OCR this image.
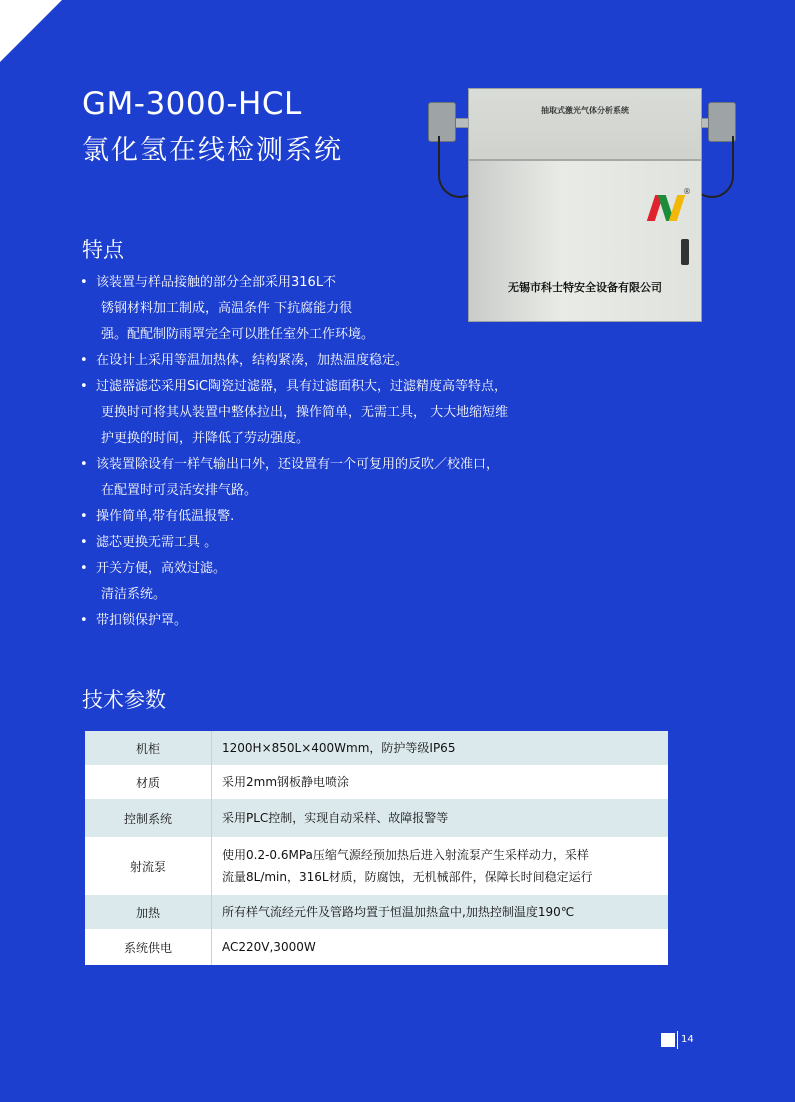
GM-3000-HCL
氯化氢在线检测系统
抽取式激光气体分析系统
®
无锡市科士特安全设备有限公司
特点
• 该装置与样品接触的部分全部采用316L不
锈钢材料加工制成，高温条件 下抗腐能力很
强。配配制防雨罩完全可以胜任室外工作环境。
• 在设计上采用等温加热体，结构紧凑，加热温度稳定。
• 过滤器滤芯采用SiC陶瓷过滤器，具有过滤面积大，过滤精度高等特点，
更换时可将其从装置中整体拉出，操作简单，无需工具， 大大地缩短维
护更换的时间，并降低了劳动强度。
• 该装置除设有一样气输出口外，还设置有一个可复用的反吹／校准口，
在配置时可灵活安排气路。
• 操作简单,带有低温报警.
• 滤芯更换无需工具 。
• 开关方便，高效过滤。
清洁系统。
• 带扣锁保护罩。
技术参数
机柜	1200H×850L×400Wmm，防护等级IP65

材质	采用2mm钢板静电喷涂

控制系统	采用PLC控制，实现自动采样、故障报警等

射流泵	使用0.2-0.6MPa压缩气源经预加热后进入射流泵产生采样动力，采样
流量8L/min，316L材质，防腐蚀，无机械部件，保障长时间稳定运行

加热	所有样气流经元件及管路均置于恒温加热盒中,加热控制温度190℃

系统供电	AC220V,3000W
14
